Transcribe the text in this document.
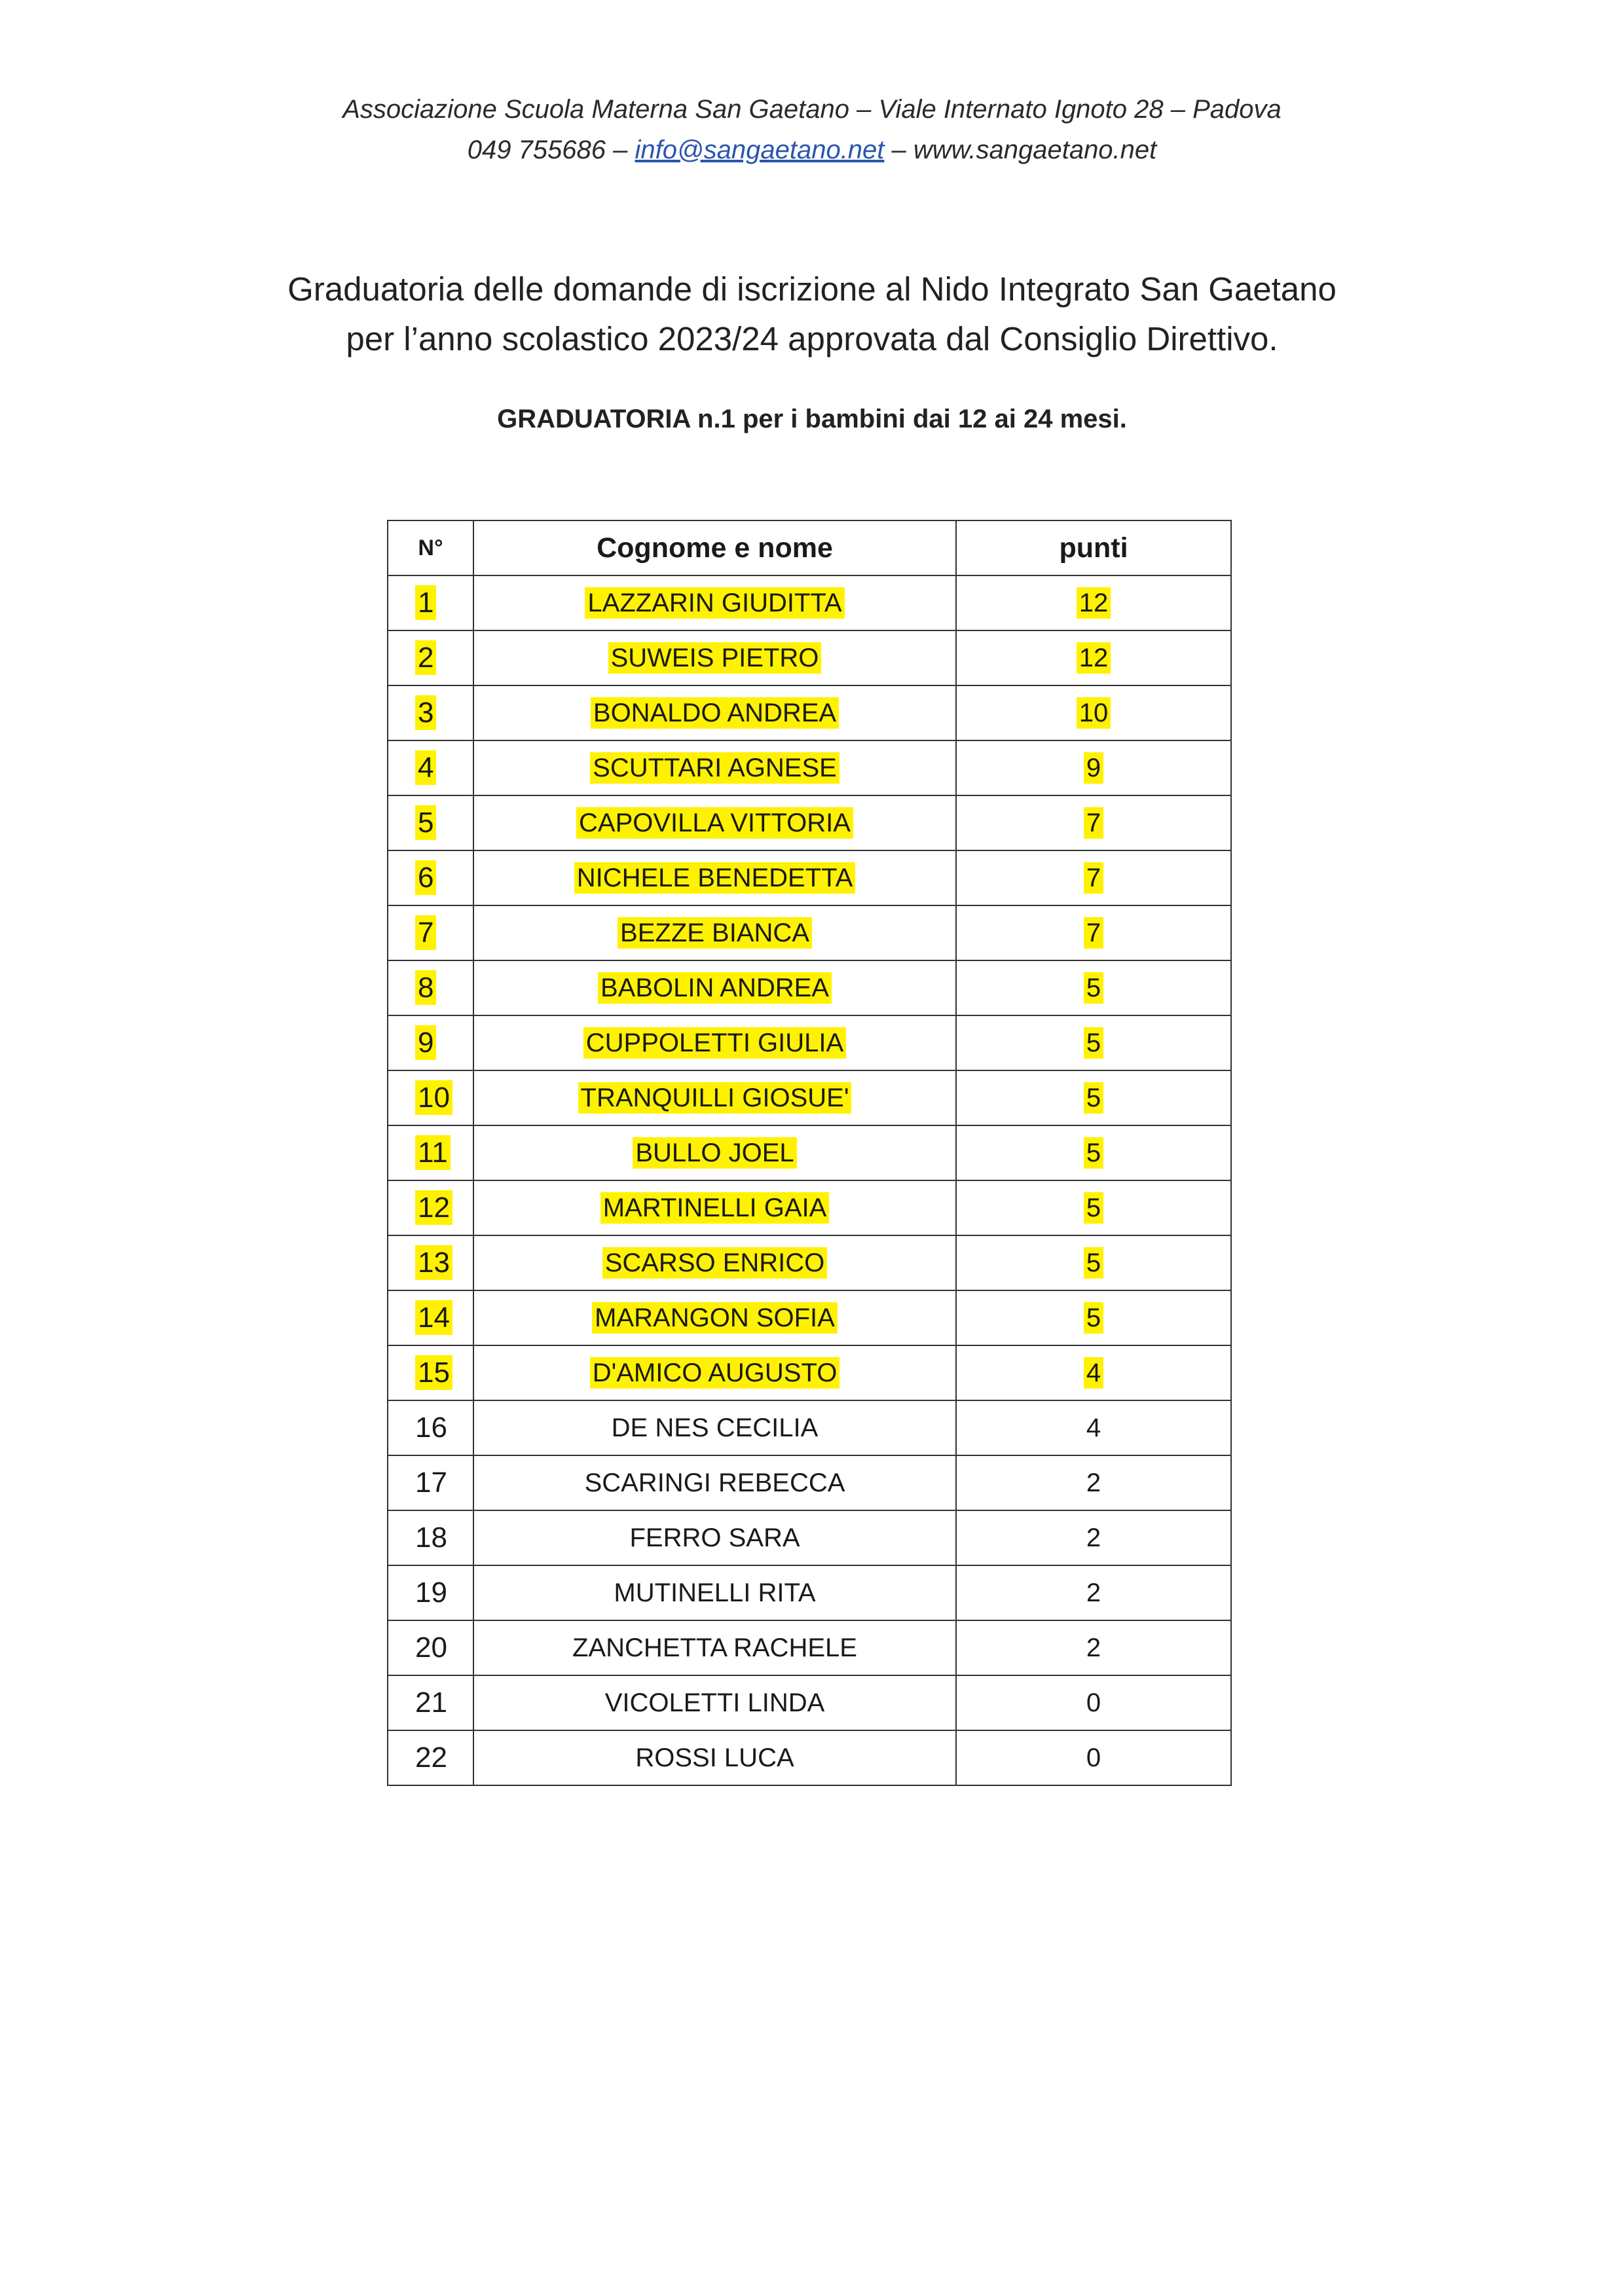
Associazione Scuola Materna San Gaetano – Viale Internato Ignoto 28 – Padova
049 755686 – info@sangaetano.net – www.sangaetano.net
Graduatoria delle domande di iscrizione al Nido Integrato San Gaetano
per l’anno scolastico 2023/24 approvata dal Consiglio Direttivo.
GRADUATORIA n.1 per i bambini dai 12 ai 24 mesi.
N°	Cognome e nome	punti
1	LAZZARIN GIUDITTA	12
2	SUWEIS PIETRO	12
3	BONALDO ANDREA	10
4	SCUTTARI AGNESE	9
5	CAPOVILLA VITTORIA	7
6	NICHELE BENEDETTA	7
7	BEZZE BIANCA	7
8	BABOLIN ANDREA	5
9	CUPPOLETTI GIULIA	5
10	TRANQUILLI GIOSUE'	5
11	BULLO JOEL	5
12	MARTINELLI GAIA	5
13	SCARSO ENRICO	5
14	MARANGON SOFIA	5
15	D'AMICO AUGUSTO	4
16	DE NES CECILIA	4
17	SCARINGI REBECCA	2
18	FERRO SARA	2
19	MUTINELLI RITA	2
20	ZANCHETTA RACHELE	2
21	VICOLETTI LINDA	0
22	ROSSI LUCA	0
